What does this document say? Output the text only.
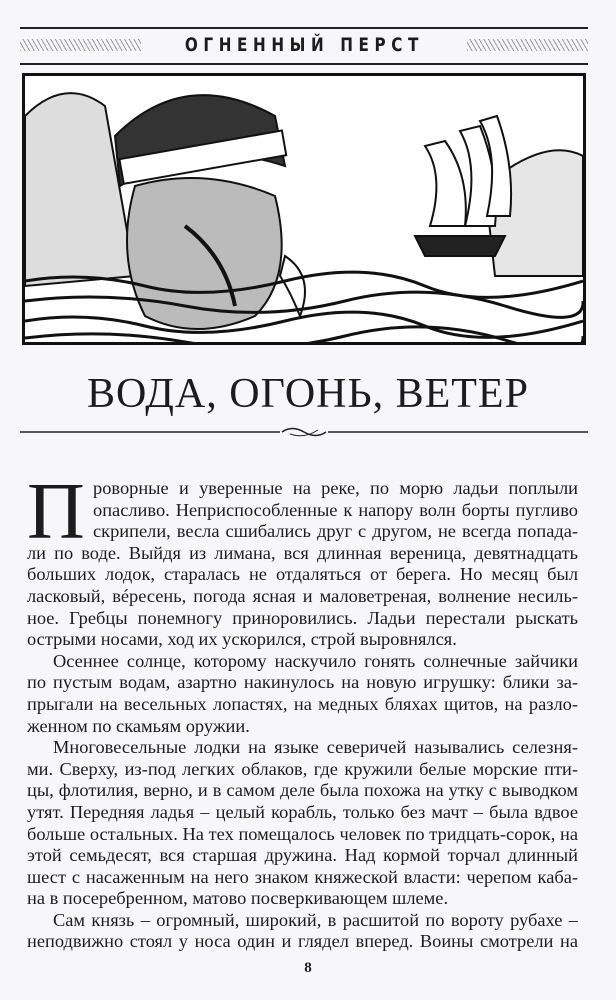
ОГНЕННЫЙ ПЕРСТ
ВОДА, ОГОНЬ, ВЕТЕР
П роворные и уверенные на реке, по морю ладьи поплыли
опасливо. Неприспособленные к напору волн борты пугливо
скрипели, весла сшибались друг с другом, не всегда попада-
ли по воде. Выйдя из лимана, вся длинная вереница, девятнадцать
больших лодок, старалась не отдаляться от берега. Но месяц был
ласковый, вéресень, погода ясная и маловетреная, волнение несиль-
ное. Гребцы понемногу приноровились. Ладьи перестали рыскать
острыми носами, ход их ускорился, строй выровнялся.
Осеннее солнце, которому наскучило гонять солнечные зайчики
по пустым водам, азартно накинулось на новую игрушку: блики за-
прыгали на весельных лопастях, на медных бляхах щитов, на разло-
женном по скамьям оружии.
Многовесельные лодки на языке северичей назывались селезня-
ми. Сверху, из-под легких облаков, где кружили белые морские пти-
цы, флотилия, верно, и в самом деле была похожа на утку с выводком
утят. Передняя ладья – целый корабль, только без мачт – была вдвое
больше остальных. На тех помещалось человек по тридцать-сорок, на
этой семьдесят, вся старшая дружина. Над кормой торчал длинный
шест с насаженным на него знаком княжеской власти: черепом каба-
на в посеребренном, матово посверкивающем шлеме.
Сам князь – огромный, широкий, в расшитой по вороту рубахе –
неподвижно стоял у носа один и глядел вперед. Воины смотрели на
8
